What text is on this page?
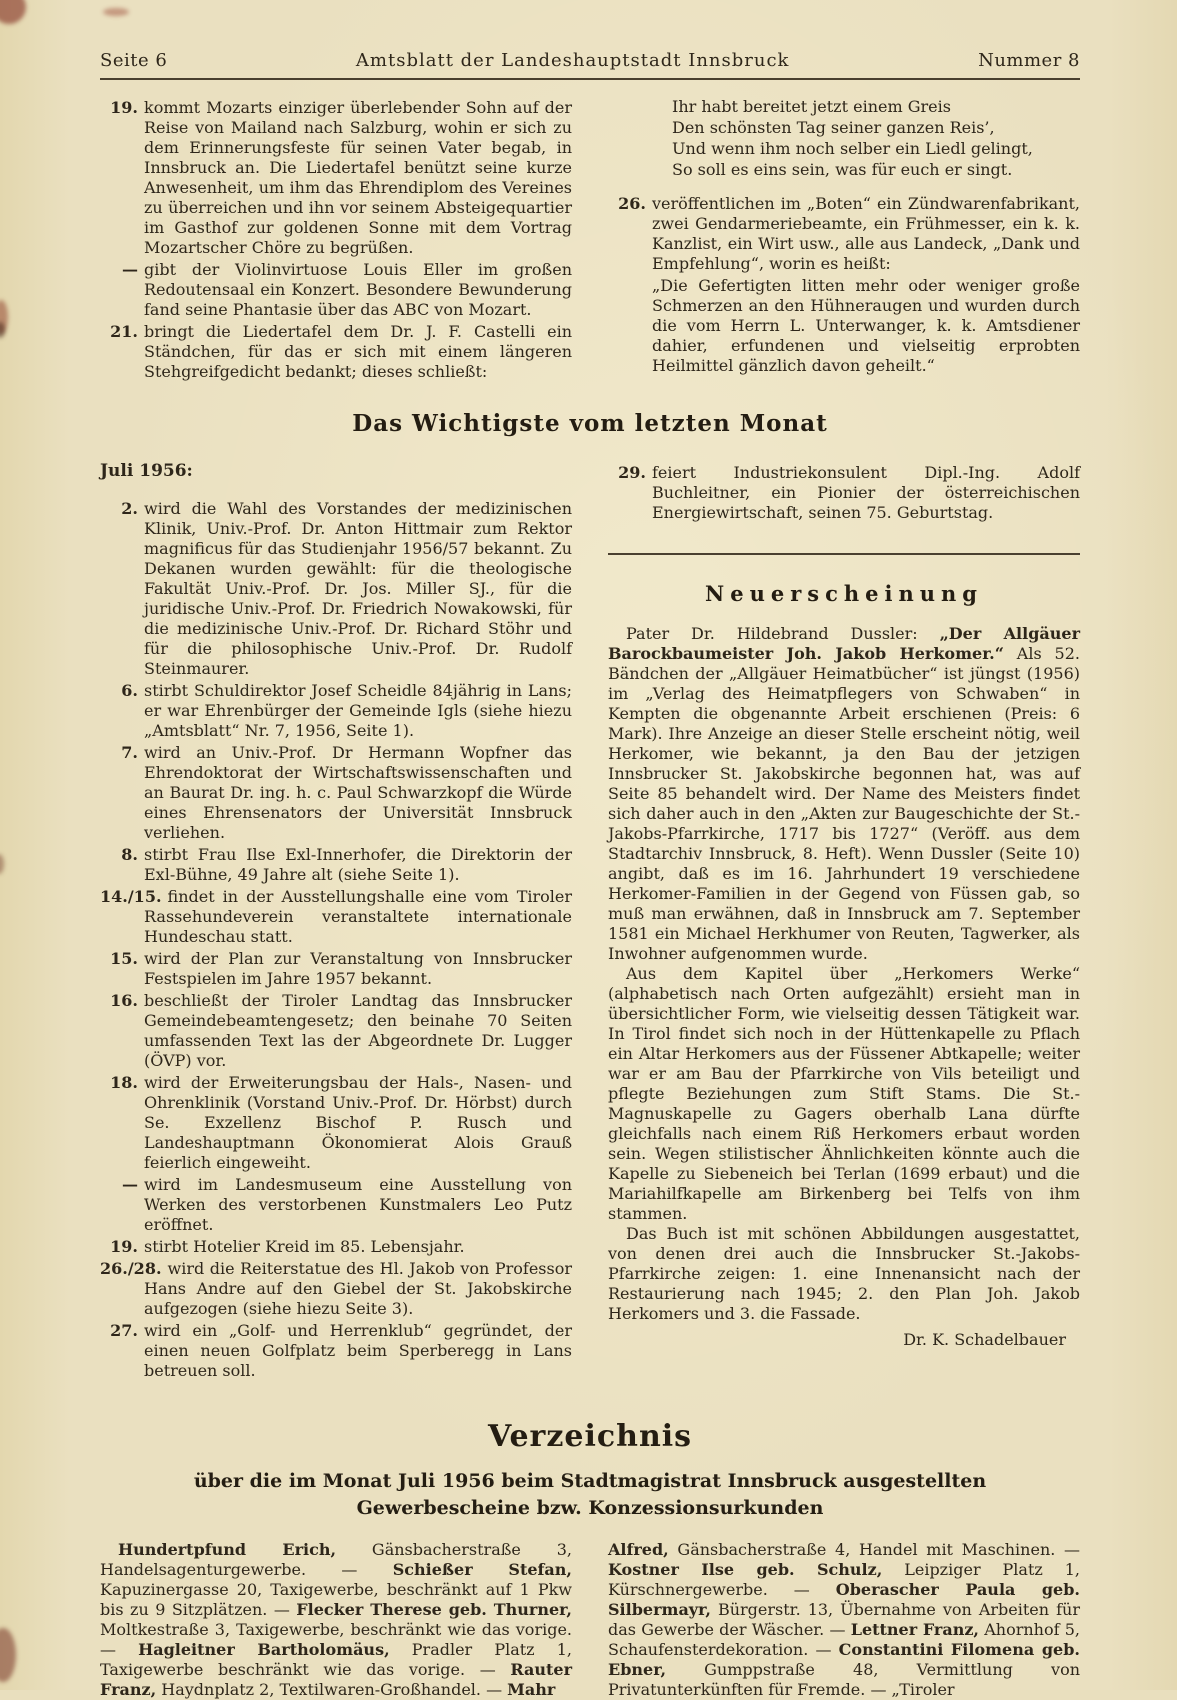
Seite 6	Amtsblatt der Landeshauptstadt Innsbruck	Nummer 8

19. kommt Mozarts einziger überlebender Sohn auf der Reise von Mailand nach Salzburg, wohin er sich zu dem Erinnerungsfeste für seinen Vater begab, in Innsbruck an. Die Liedertafel benützt seine kurze Anwesenheit, um ihm das Ehrendiplom des Vereines zu überreichen und ihn vor seinem Absteigequartier im Gasthof zur goldenen Sonne mit dem Vortrag Mozartscher Chöre zu begrüßen.

— gibt der Violinvirtuose Louis Eller im großen Redoutensaal ein Konzert. Besondere Bewunderung fand seine Phantasie über das ABC von Mozart.

21. bringt die Liedertafel dem Dr. J. F. Castelli ein Ständchen, für das er sich mit einem längeren Stehgreifgedicht bedankt; dieses schließt:

Ihr habt bereitet jetzt einem Greis
Den schönsten Tag seiner ganzen Reis’,
Und wenn ihm noch selber ein Liedl gelingt,
So soll es eins sein, was für euch er singt.

26. veröffentlichen im „Boten“ ein Zündwarenfabrikant, zwei Gendarmeriebeamte, ein Frühmesser, ein k. k. Kanzlist, ein Wirt usw., alle aus Landeck, „Dank und Empfehlung“, worin es heißt:

„Die Gefertigten litten mehr oder weniger große Schmerzen an den Hühneraugen und wurden durch die vom Herrn L. Unterwanger, k. k. Amtsdiener dahier, erfundenen und vielseitig erprobten Heilmittel gänzlich davon geheilt.“

Das Wichtigste vom letzten Monat

Juli 1956:

2. wird die Wahl des Vorstandes der medizinischen Klinik, Univ.-Prof. Dr. Anton Hittmair zum Rektor magnificus für das Studienjahr 1956/57 bekannt. Zu Dekanen wurden gewählt: für die theologische Fakultät Univ.-Prof. Dr. Jos. Miller SJ., für die juridische Univ.-Prof. Dr. Friedrich Nowakowski, für die medizinische Univ.-Prof. Dr. Richard Stöhr und für die philosophische Univ.-Prof. Dr. Rudolf Steinmaurer.

6. stirbt Schuldirektor Josef Scheidle 84jährig in Lans; er war Ehrenbürger der Gemeinde Igls (siehe hiezu „Amtsblatt“ Nr. 7, 1956, Seite 1).

7. wird an Univ.-Prof. Dr Hermann Wopfner das Ehrendoktorat der Wirtschaftswissenschaften und an Baurat Dr. ing. h. c. Paul Schwarzkopf die Würde eines Ehrensenators der Universität Innsbruck verliehen.

8. stirbt Frau Ilse Exl-Innerhofer, die Direktorin der Exl-Bühne, 49 Jahre alt (siehe Seite 1).

14./15. findet in der Ausstellungshalle eine vom Tiroler Rassehundeverein veranstaltete internationale Hundeschau statt.

15. wird der Plan zur Veranstaltung von Innsbrucker Festspielen im Jahre 1957 bekannt.

16. beschließt der Tiroler Landtag das Innsbrucker Gemeindebeamtengesetz; den beinahe 70 Seiten umfassenden Text las der Abgeordnete Dr. Lugger (ÖVP) vor.

18. wird der Erweiterungsbau der Hals-, Nasen- und Ohrenklinik (Vorstand Univ.-Prof. Dr. Hörbst) durch Se. Exzellenz Bischof P. Rusch und Landeshauptmann Ökonomierat Alois Grauß feierlich eingeweiht.

— wird im Landesmuseum eine Ausstellung von Werken des verstorbenen Kunstmalers Leo Putz eröffnet.

19. stirbt Hotelier Kreid im 85. Lebensjahr.

26./28. wird die Reiterstatue des Hl. Jakob von Professor Hans Andre auf den Giebel der St. Jakobskirche aufgezogen (siehe hiezu Seite 3).

27. wird ein „Golf- und Herrenklub“ gegründet, der einen neuen Golfplatz beim Sperberegg in Lans betreuen soll.

29. feiert Industriekonsulent Dipl.-Ing. Adolf Buchleitner, ein Pionier der österreichischen Energiewirtschaft, seinen 75. Geburtstag.

Neuerscheinung

Pater Dr. Hildebrand Dussler: „Der Allgäuer Barockbaumeister Joh. Jakob Herkomer.“ Als 52. Bändchen der „Allgäuer Heimatbücher“ ist jüngst (1956) im „Verlag des Heimatpflegers von Schwaben“ in Kempten die obgenannte Arbeit erschienen (Preis: 6 Mark). Ihre Anzeige an dieser Stelle erscheint nötig, weil Herkomer, wie bekannt, ja den Bau der jetzigen Innsbrucker St. Jakobskirche begonnen hat, was auf Seite 85 behandelt wird. Der Name des Meisters findet sich daher auch in den „Akten zur Baugeschichte der St.-Jakobs-Pfarrkirche, 1717 bis 1727“ (Veröff. aus dem Stadtarchiv Innsbruck, 8. Heft). Wenn Dussler (Seite 10) angibt, daß es im 16. Jahrhundert 19 verschiedene Herkomer-Familien in der Gegend von Füssen gab, so muß man erwähnen, daß in Innsbruck am 7. September 1581 ein Michael Herkhumer von Reuten, Tagwerker, als Inwohner aufgenommen wurde.

Aus dem Kapitel über „Herkomers Werke“ (alphabetisch nach Orten aufgezählt) ersieht man in übersichtlicher Form, wie vielseitig dessen Tätigkeit war. In Tirol findet sich noch in der Hüttenkapelle zu Pflach ein Altar Herkomers aus der Füssener Abtkapelle; weiter war er am Bau der Pfarrkirche von Vils beteiligt und pflegte Beziehungen zum Stift Stams. Die St.-Magnuskapelle zu Gagers oberhalb Lana dürfte gleichfalls nach einem Riß Herkomers erbaut worden sein. Wegen stilistischer Ähnlichkeiten könnte auch die Kapelle zu Siebeneich bei Terlan (1699 erbaut) und die Mariahilfkapelle am Birkenberg bei Telfs von ihm stammen.

Das Buch ist mit schönen Abbildungen ausgestattet, von denen drei auch die Innsbrucker St.-Jakobs-Pfarrkirche zeigen: 1. eine Innenansicht nach der Restaurierung nach 1945; 2. den Plan Joh. Jakob Herkomers und 3. die Fassade.

Dr. K. Schadelbauer

Verzeichnis

über die im Monat Juli 1956 beim Stadtmagistrat Innsbruck ausgestellten
Gewerbescheine bzw. Konzessionsurkunden

Hundertpfund Erich, Gänsbacherstraße 3, Handelsagenturgewerbe. — Schießer Stefan, Kapuzinergasse 20, Taxigewerbe, beschränkt auf 1 Pkw bis zu 9 Sitzplätzen. — Flecker Therese geb. Thurner, Moltkestraße 3, Taxigewerbe, beschränkt wie das vorige. — Hagleitner Bartholomäus, Pradler Platz 1, Taxigewerbe beschränkt wie das vorige. — Rauter Franz, Haydnplatz 2, Textilwaren-Großhandel. — Mahr

Alfred, Gänsbacherstraße 4, Handel mit Maschinen. — Kostner Ilse geb. Schulz, Leipziger Platz 1, Kürschnergewerbe. — Oberascher Paula geb. Silbermayr, Bürgerstr. 13, Übernahme von Arbeiten für das Gewerbe der Wäscher. — Lettner Franz, Ahornhof 5, Schaufensterdekoration. — Constantini Filomena geb. Ebner, Gumppstraße 48, Vermittlung von Privatunterkünften für Fremde. — „Tiroler
